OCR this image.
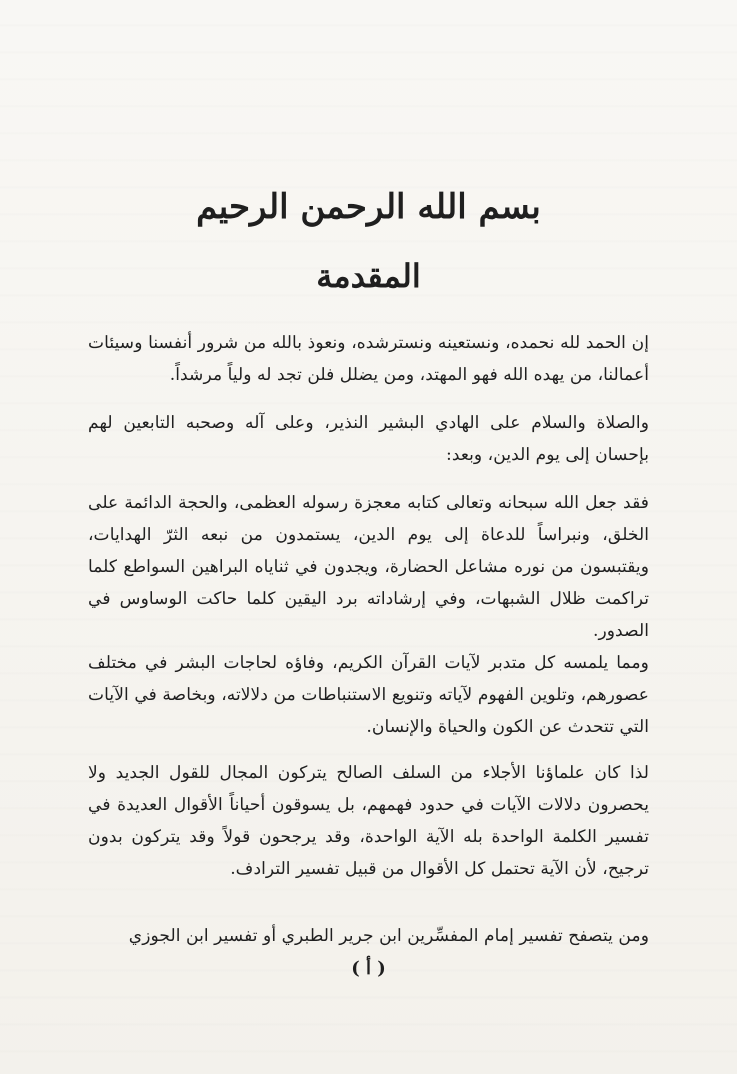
بسم الله الرحمن الرحيم
المقدمة

إن الحمد لله نحمده، ونستعينه ونسترشده، ونعوذ بالله من شرور أنفسنا وسيئات أعمالنا، من يهده الله فهو المهتد، ومن يضلل فلن تجد له ولياً مرشداً.

والصلاة والسلام على الهادي البشير النذير، وعلى آله وصحبه التابعين لهم بإحسان إلى يوم الدين، وبعد:

فقد جعل الله سبحانه وتعالى كتابه معجزة رسوله العظمى، والحجة الدائمة على الخلق، ونبراساً للدعاة إلى يوم الدين، يستمدون من نبعه الثرّ الهدايات، ويقتبسون من نوره مشاعل الحضارة، ويجدون في ثناياه البراهين السواطع كلما تراكمت ظلال الشبهات، وفي إرشاداته برد اليقين كلما حاكت الوساوس في الصدور.

ومما يلمسه كل متدبر لآيات القرآن الكريم، وفاؤه لحاجات البشر في مختلف عصورهم، وتلوين الفهوم لآياته وتنويع الاستنباطات من دلالاته، وبخاصة في الآيات التي تتحدث عن الكون والحياة والإنسان.

لذا كان علماؤنا الأجلاء من السلف الصالح يتركون المجال للقول الجديد ولا يحصرون دلالات الآيات في حدود فهمهم، بل يسوقون أحياناً الأقوال العديدة في تفسير الكلمة الواحدة بله الآية الواحدة، وقد يرجحون قولاً وقد يتركون بدون ترجيح، لأن الآية تحتمل كل الأقوال من قبيل تفسير الترادف.

ومن يتصفح تفسير إمام المفسِّرين ابن جرير الطبري أو تفسير ابن الجوزي

( أ )
